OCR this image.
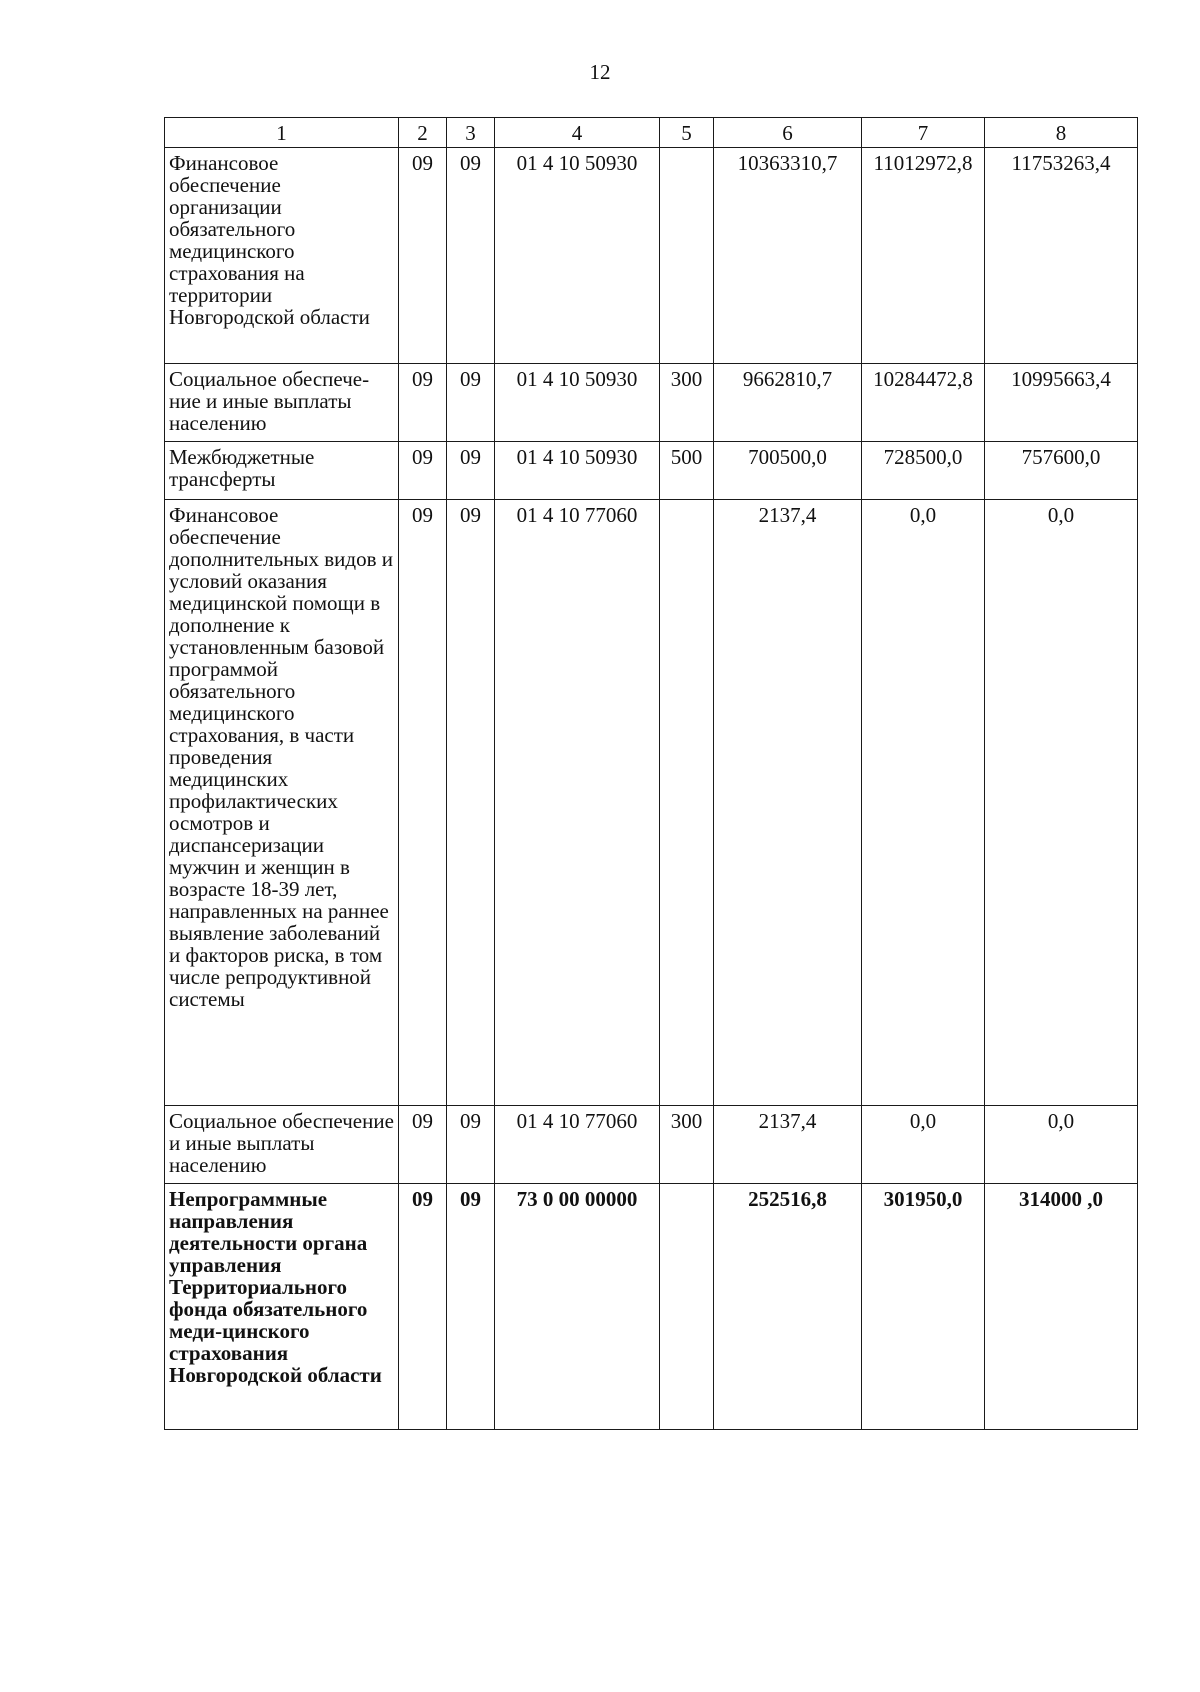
12
1	2	3	4	5	6	7	8
Финансовое обеспечение организации обязательного медицинского страхования на территории Новгородской области	09	09	01 4 10 50930		10363310,7	11012972,8	11753263,4
Социальное обеспече-ние и иные выплаты населению	09	09	01 4 10 50930	300	9662810,7	10284472,8	10995663,4
Межбюджетные трансферты	09	09	01 4 10 50930	500	700500,0	728500,0	757600,0
Финансовое обеспечение дополнительных видов и условий оказания медицинской помощи в дополнение к установленным базовой программой обязательного медицинского страхования, в части проведения медицинских профилактических осмотров и диспансеризации мужчин и женщин в возрасте 18-39 лет, направленных на раннее выявление заболеваний и факторов риска, в том числе репродуктивной системы	09	09	01 4 10 77060		2137,4	0,0	0,0
Социальное обеспечение и иные выплаты населению	09	09	01 4 10 77060	300	2137,4	0,0	0,0
Непрограммные направления деятельности органа управления Территориального фонда обязательного меди-цинского страхования Новгородской области	09	09	73 0 00 00000		252516,8	301950,0	314000 ,0
